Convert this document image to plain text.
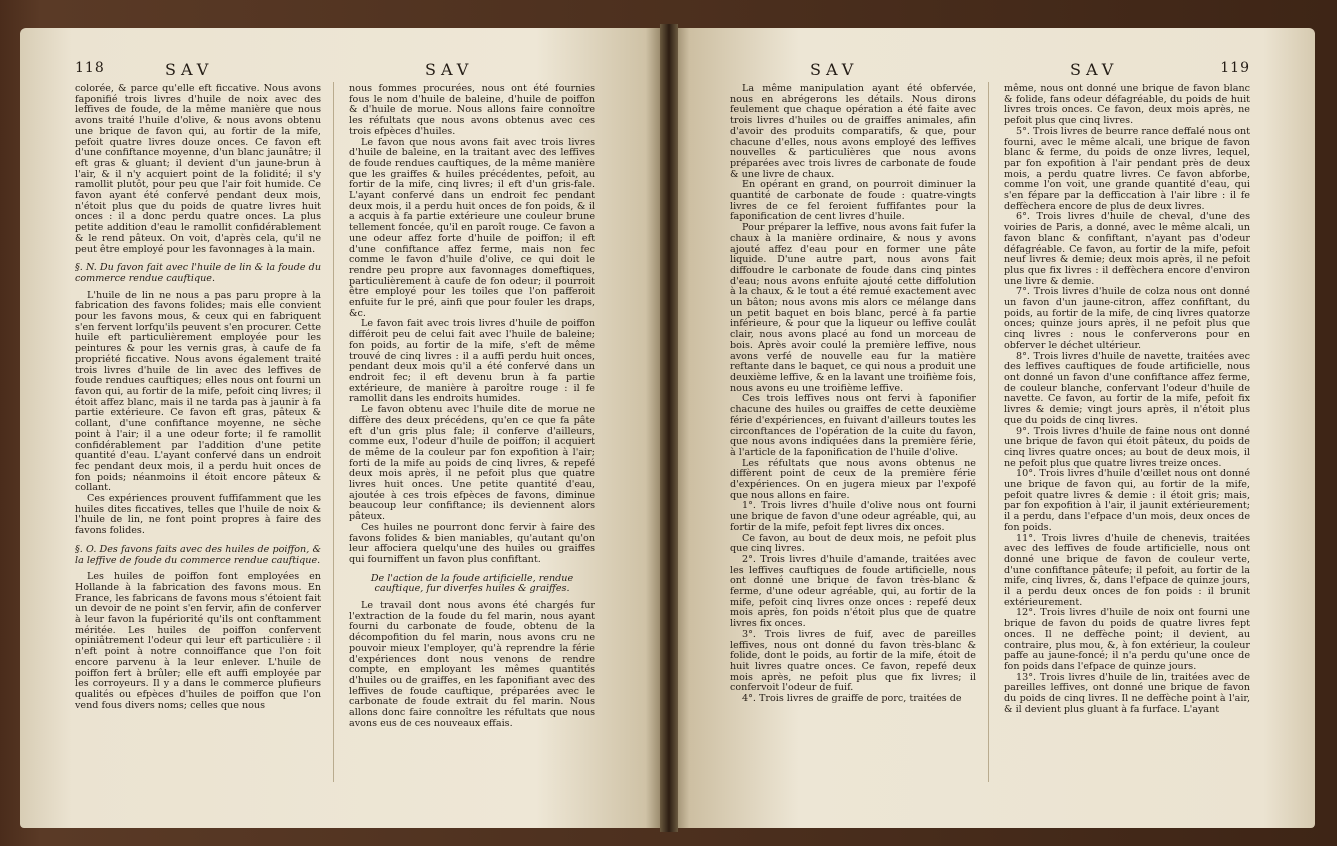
118	SAV	SAV

colorée, & parce qu'elle eft ficcative. Nous avons faponifié trois livres d'huile de noix avec des leffives de foude, de la même manière que nous avons traité l'huile d'olive, & nous avons obtenu une brique de favon qui, au fortir de la mife, pefoit quatre livres douze onces. Ce favon eft d'une confiftance moyenne, d'un blanc jaunâtre; il eft gras & gluant; il devient d'un jaune-brun à l'air, & il n'y acquiert point de la folidité; il s'y ramollit plutôt, pour peu que l'air foit humide. Ce favon ayant été confervé pendant deux mois, n'étoit plus que du poids de quatre livres huit onces : il a donc perdu quatre onces. La plus petite addition d'eau le ramollit confidérablement & le rend pâteux. On voit, d'après cela, qu'il ne peut être employé pour les favonnages à la main.

§. N. Du favon fait avec l'huile de lin & la foude du commerce rendue cauftique.

L'huile de lin ne nous a pas paru propre à la fabrication des favons folides; mais elle convient pour les favons mous, & ceux qui en fabriquent s'en fervent lorfqu'ils peuvent s'en procurer. Cette huile eft particulièrement employée pour les peintures & pour les vernis gras, à caufe de fa propriété ficcative. Nous avons également traité trois livres d'huile de lin avec des leffives de foude rendues cauftiques; elles nous ont fourni un favon qui, au fortir de la mife, pefoit cinq livres; il étoit affez blanc, mais il ne tarda pas à jaunir à fa partie extérieure. Ce favon eft gras, pâteux & collant, d'une confiftance moyenne, ne sèche point à l'air; il a une odeur forte; il fe ramollit confidérablement par l'addition d'une petite quantité d'eau. L'ayant confervé dans un endroit fec pendant deux mois, il a perdu huit onces de fon poids; néanmoins il étoit encore pâteux & collant.

Ces expériences prouvent fuffifamment que les huiles dites ficcatives, telles que l'huile de noix & l'huile de lin, ne font point propres à faire des favons folides.

§. O. Des favons faits avec des huiles de poiffon, & la leffive de foude du commerce rendue cauftique.

Les huiles de poiffon font employées en Hollande à la fabrication des favons mous. En France, les fabricans de favons mous s'étoient fait un devoir de ne point s'en fervir, afin de conferver à leur favon la fupériorité qu'ils ont conftamment méritée. Les huiles de poiffon confervent opiniâtrement l'odeur qui leur eft particulière : il n'eft point à notre connoiffance que l'on foit encore parvenu à la leur enlever. L'huile de poiffon fert à brûler; elle eft auffi employée par les corroyeurs. Il y a dans le commerce plufieurs qualités ou efpèces d'huiles de poiffon que l'on vend fous divers noms; celles que nous

nous fommes procurées, nous ont été fournies fous le nom d'huile de baleine, d'huile de poiffon & d'huile de morue. Nous allons faire connoître les réfultats que nous avons obtenus avec ces trois efpèces d'huiles.

Le favon que nous avons fait avec trois livres d'huile de baleine, en la traitant avec des leffives de foude rendues cauftiques, de la même manière que les graiffes & huiles précédentes, pefoit, au fortir de la mife, cinq livres; il eft d'un gris-fale. L'ayant confervé dans un endroit fec pendant deux mois, il a perdu huit onces de fon poids, & il a acquis à fa partie extérieure une couleur brune tellement foncée, qu'il en paroît rouge. Ce favon a une odeur affez forte d'huile de poiffon; il eft d'une confiftance affez ferme, mais non fec comme le favon d'huile d'olive, ce qui doit le rendre peu propre aux favonnages domeftiques, particulièrement à caufe de fon odeur; il pourroit être employé pour les toiles que l'on pafferoit enfuite fur le pré, ainfi que pour fouler les draps, &c.

Le favon fait avec trois livres d'huile de poiffon différoit peu de celui fait avec l'huile de baleine; fon poids, au fortir de la mife, s'eft de même trouvé de cinq livres : il a auffi perdu huit onces, pendant deux mois qu'il a été confervé dans un endroit fec; il eft devenu brun à fa partie extérieure, de manière à paroître rouge : il fe ramollit dans les endroits humides.

Le favon obtenu avec l'huile dite de morue ne diffère des deux précédens, qu'en ce que fa pâte eft d'un gris plus fale; il conferve d'ailleurs, comme eux, l'odeur d'huile de poiffon; il acquiert de même de la couleur par fon expofition à l'air; forti de la mife au poids de cinq livres, & repefé deux mois après, il ne pefoit plus que quatre livres huit onces. Une petite quantité d'eau, ajoutée à ces trois efpèces de favons, diminue beaucoup leur confiftance; ils deviennent alors pâteux.

Ces huiles ne pourront donc fervir à faire des favons folides & bien maniables, qu'autant qu'on leur affociera quelqu'une des huiles ou graiffes qui fourniffent un favon plus confiftant.

De l'action de la foude artificielle, rendue cauftique, fur diverfes huiles & graiffes.

Le travail dont nous avons été chargés fur l'extraction de la foude du fel marin, nous ayant fourni du carbonate de foude, obtenu de la décompofition du fel marin, nous avons cru ne pouvoir mieux l'employer, qu'à reprendre la férie d'expériences dont nous venons de rendre compte, en employant les mêmes quantités d'huiles ou de graiffes, en les faponifiant avec des leffives de foude cauftique, préparées avec le carbonate de foude extrait du fel marin. Nous allons donc faire connoître les réfultats que nous avons eus de ces nouveaux effais.

SAV	SAV	119

La même manipulation ayant été obfervée, nous en abrégerons les détails. Nous dirons feulement que chaque opération a été faite avec trois livres d'huiles ou de graiffes animales, afin d'avoir des produits comparatifs, & que, pour chacune d'elles, nous avons employé des leffives nouvelles & particulières que nous avons préparées avec trois livres de carbonate de foude & une livre de chaux.

En opérant en grand, on pourroit diminuer la quantité de carbonate de foude : quatre-vingts livres de ce fel feroient fuffifantes pour la faponification de cent livres d'huile.

Pour préparer la leffive, nous avons fait fufer la chaux à la manière ordinaire, & nous y avons ajouté affez d'eau pour en former une pâte liquide. D'une autre part, nous avons fait diffoudre le carbonate de foude dans cinq pintes d'eau; nous avons enfuite ajouté cette diffolution à la chaux, & le tout a été remué exactement avec un bâton; nous avons mis alors ce mélange dans un petit baquet en bois blanc, percé à fa partie inférieure, & pour que la liqueur ou leffive coulât clair, nous avons placé au fond un morceau de bois. Après avoir coulé la première leffive, nous avons verfé de nouvelle eau fur la matière reftante dans le baquet, ce qui nous a produit une deuxième leffive, & en la lavant une troifième fois, nous avons eu une troifième leffive.

Ces trois leffives nous ont fervi à faponifier chacune des huiles ou graiffes de cette deuxième férie d'expériences, en fuivant d'ailleurs toutes les circonftances de l'opération de la cuite du favon, que nous avons indiquées dans la première férie, à l'article de la faponification de l'huile d'olive.

Les réfultats que nous avons obtenus ne diffèrent point de ceux de la première férie d'expériences. On en jugera mieux par l'expofé que nous allons en faire.

1°. Trois livres d'huile d'olive nous ont fourni une brique de favon d'une odeur agréable, qui, au fortir de la mife, pefoit fept livres dix onces.

Ce favon, au bout de deux mois, ne pefoit plus que cinq livres.

2°. Trois livres d'huile d'amande, traitées avec les leffives cauftiques de foude artificielle, nous ont donné une brique de favon très-blanc & ferme, d'une odeur agréable, qui, au fortir de la mife, pefoit cinq livres onze onces : repefé deux mois après, fon poids n'étoit plus que de quatre livres fix onces.

3°. Trois livres de fuif, avec de pareilles leffives, nous ont donné du favon très-blanc & folide, dont le poids, au fortir de la mife, étoit de huit livres quatre onces. Ce favon, repefé deux mois après, ne pefoit plus que fix livres; il confervoit l'odeur de fuif.

4°. Trois livres de graiffe de porc, traitées de

même, nous ont donné une brique de favon blanc & folide, fans odeur défagréable, du poids de huit livres trois onces. Ce favon, deux mois après, ne pefoit plus que cinq livres.

5°. Trois livres de beurre rance deffalé nous ont fourni, avec le même alcali, une brique de favon blanc & ferme, du poids de onze livres, lequel, par fon expofition à l'air pendant près de deux mois, a perdu quatre livres. Ce favon abforbe, comme l'on voit, une grande quantité d'eau, qui s'en fépare par la defficcation à l'air libre : il fe deffèchera encore de plus de deux livres.

6°. Trois livres d'huile de cheval, d'une des voiries de Paris, a donné, avec le même alcali, un favon blanc & confiftant, n'ayant pas d'odeur défagréable. Ce favon, au fortir de la mife, pefoit neuf livres & demie; deux mois après, il ne pefoit plus que fix livres : il deffèchera encore d'environ une livre & demie.

7°. Trois livres d'huile de colza nous ont donné un favon d'un jaune-citron, affez confiftant, du poids, au fortir de la mife, de cinq livres quatorze onces; quinze jours après, il ne pefoit plus que cinq livres : nous le conferverons pour en obferver le déchet ultérieur.

8°. Trois livres d'huile de navette, traitées avec des leffives cauftiques de foude artificielle, nous ont donné un favon d'une confiftance affez ferme, de couleur blanche, confervant l'odeur d'huile de navette. Ce favon, au fortir de la mife, pefoit fix livres & demie; vingt jours après, il n'étoit plus que du poids de cinq livres.

9°. Trois livres d'huile de faine nous ont donné une brique de favon qui étoit pâteux, du poids de cinq livres quatre onces; au bout de deux mois, il ne pefoit plus que quatre livres treize onces.

10°. Trois livres d'huile d'œillet nous ont donné une brique de favon qui, au fortir de la mife, pefoit quatre livres & demie : il étoit gris; mais, par fon expofition à l'air, il jaunit extérieurement; il a perdu, dans l'efpace d'un mois, deux onces de fon poids.

11°. Trois livres d'huile de chenevis, traitées avec des leffives de foude artificielle, nous ont donné une brique de favon de couleur verte, d'une confiftance pâteufe; il pefoit, au fortir de la mife, cinq livres, &, dans l'efpace de quinze jours, il a perdu deux onces de fon poids : il brunit extérieurement.

12°. Trois livres d'huile de noix ont fourni une brique de favon du poids de quatre livres fept onces. Il ne deffèche point; il devient, au contraire, plus mou, &, à fon extérieur, la couleur paffe au jaune-foncé; il n'a perdu qu'une once de fon poids dans l'efpace de quinze jours.

13°. Trois livres d'huile de lin, traitées avec de pareilles leffives, ont donné une brique de favon du poids de cinq livres. Il ne deffèche point à l'air, & il devient plus gluant à fa furface. L'ayant
